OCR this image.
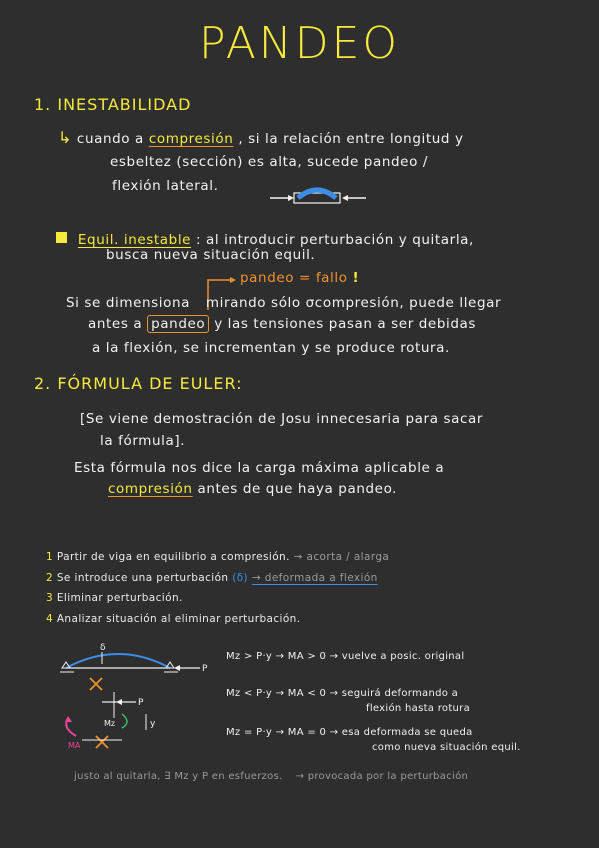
PANDEO
1. INESTABILIDAD
↳ cuando a compresión , si la relación entre longitud y
esbeltez (sección) es alta, sucede pandeo /
flexión lateral.
Equil. inestable : al introducir perturbación y quitarla,
busca nueva situación equil.
pandeo = fallo !
Si se dimensiona mirando sólo σcompresión, puede llegar
antes a pandeo y las tensiones pasan a ser debidas
a la flexión, se incrementan y se produce rotura.
2. FÓRMULA DE EULER:
[Se viene demostración de Josu innecesaria para sacar
la fórmula].
Esta fórmula nos dice la carga máxima aplicable a
compresión antes de que haya pandeo.
1 Partir de viga en equilibrio a compresión. → acorta / alarga
2 Se introduce una perturbación (δ) → deformada a flexión
3 Eliminar perturbación.
4 Analizar situación al eliminar perturbación.
δ
P
P
Mz	y
MA
Mz > P·y → MA > 0 → vuelve a posic. original
Mz < P·y → MA < 0 → seguirá deformando a
flexión hasta rotura
Mz = P·y → MA = 0 → esa deformada se queda
como nueva situación equil.
justo al quitarla, ∃ Mz y P en esfuerzos. → provocada por la perturbación
